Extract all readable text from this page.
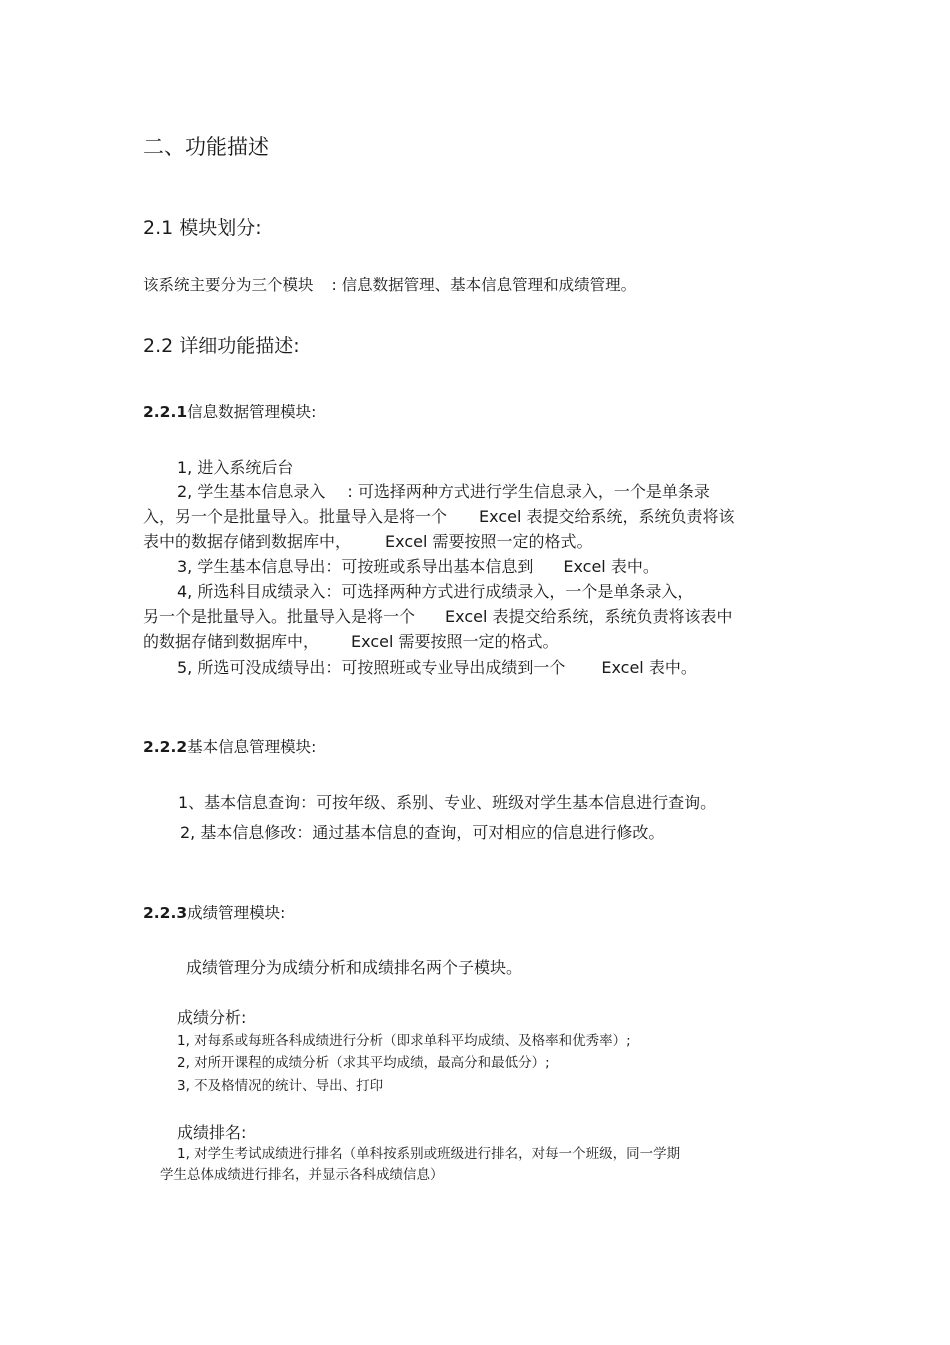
二、功能描述
2.1 模块划分:
该系统主要分为三个模块 : 信息数据管理、基本信息管理和成绩管理。
2.2 详细功能描述:
2.2.1信息数据管理模块:
1, 进入系统后台
2, 学生基本信息录入 : 可选择两种方式进行学生信息录入，一个是单条录
入，另一个是批量导入。批量导入是将一个 Excel 表提交给系统，系统负责将该
表中的数据存储到数据库中， Excel 需要按照一定的格式。
3, 学生基本信息导出：可按班或系导出基本信息到 Excel 表中。
4, 所选科目成绩录入：可选择两种方式进行成绩录入，一个是单条录入，
另一个是批量导入。批量导入是将一个 Excel 表提交给系统，系统负责将该表中
的数据存储到数据库中， Excel 需要按照一定的格式。
5, 所选可没成绩导出：可按照班或专业导出成绩到一个 Excel 表中。
2.2.2基本信息管理模块:
1、基本信息查询：可按年级、系别、专业、班级对学生基本信息进行查询。
2, 基本信息修改：通过基本信息的查询，可对相应的信息进行修改。
2.2.3成绩管理模块:
成绩管理分为成绩分析和成绩排名两个子模块。
成绩分析:
1, 对每系或每班各科成绩进行分析（即求单科平均成绩、及格率和优秀率）;
2, 对所开课程的成绩分析（求其平均成绩，最高分和最低分）;
3, 不及格情况的统计、导出、打印
成绩排名:
1, 对学生考试成绩进行排名（单科按系别或班级进行排名，对每一个班级，同一学期
学生总体成绩进行排名，并显示各科成绩信息）
